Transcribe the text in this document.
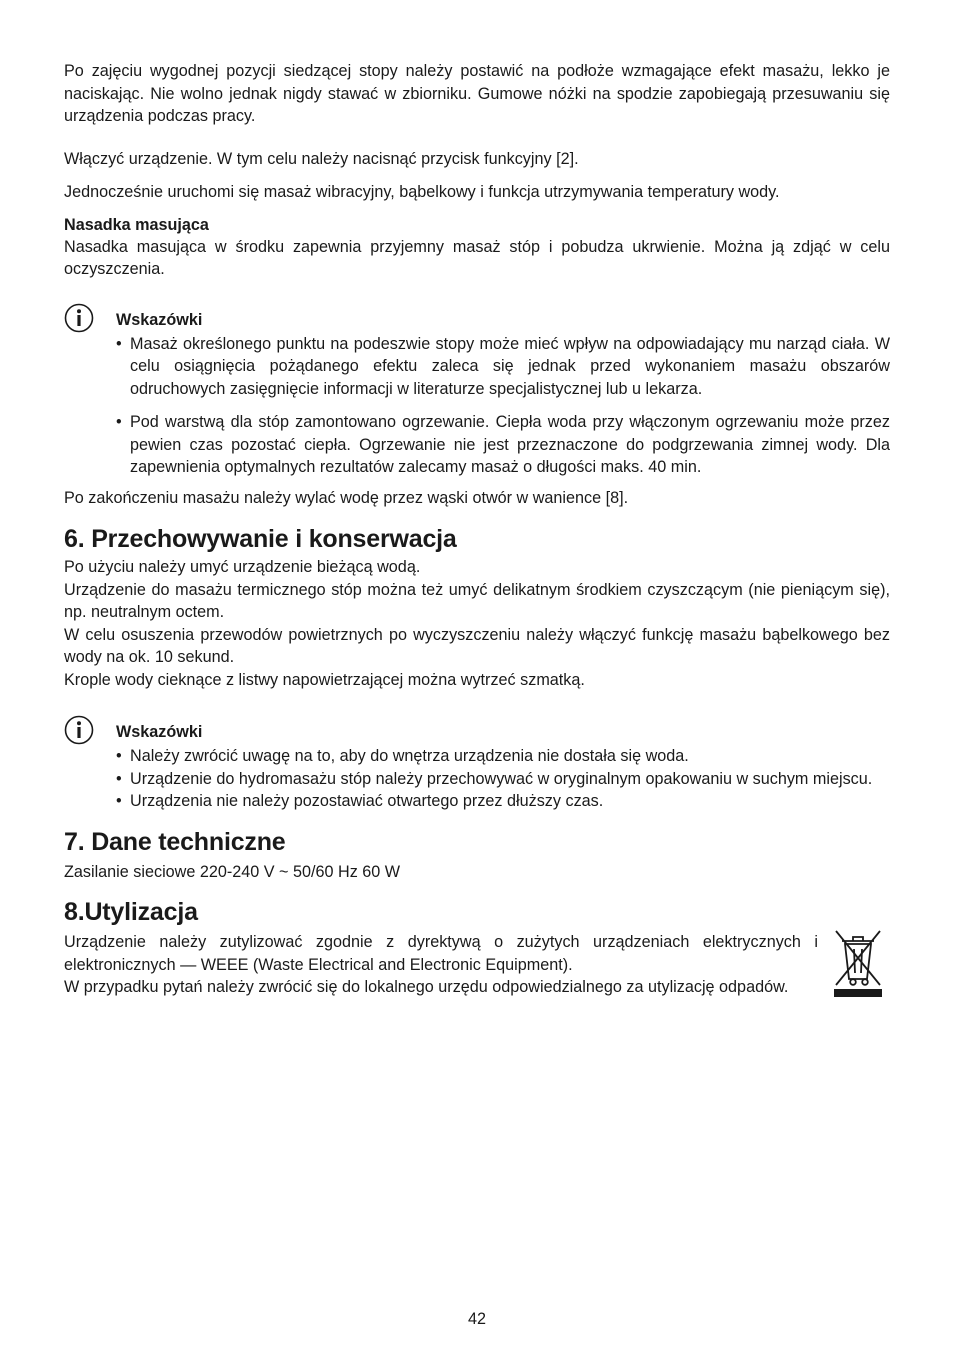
Po zajęciu wygodnej pozycji siedzącej stopy należy postawić na podłoże wzmagające efekt masażu, lekko je naciskając. Nie wolno jednak nigdy stawać w zbiorniku. Gumowe nóżki na spodzie zapobiegają przesuwaniu się urządzenia podczas pracy.

Włączyć urządzenie. W tym celu należy nacisnąć przycisk funkcyjny [2].

Jednocześnie uruchomi się masaż wibracyjny, bąbelkowy i funkcja utrzymywania temperatury wody.

Nasadka masująca

Nasadka masująca w środku zapewnia przyjemny masaż stóp i pobudza ukrwienie. Można ją zdjąć w celu oczyszczenia.

Wskazówki
• Masaż określonego punktu na podeszwie stopy może mieć wpływ na odpowiadający mu narząd ciała. W celu osiągnięcia pożądanego efektu zaleca się jednak przed wykonaniem masażu obszarów odruchowych zasięgnięcie informacji w literaturze specjalistycznej lub u lekarza.
• Pod warstwą dla stóp zamontowano ogrzewanie. Ciepła woda przy włączonym ogrzewaniu może przez pewien czas pozostać ciepła. Ogrzewanie nie jest przeznaczone do podgrzewania zimnej wody. Dla zapewnienia optymalnych rezultatów zalecamy masaż o długości maks. 40 min.

Po zakończeniu masażu należy wylać wodę przez wąski otwór w wanience [8].

6. Przechowywanie i konserwacja

Po użyciu należy umyć urządzenie bieżącą wodą.

Urządzenie do masażu termicznego stóp można też umyć delikatnym środkiem czyszczącym (nie pieniącym się), np. neutralnym octem.

W celu osuszenia przewodów powietrznych po wyczyszczeniu należy włączyć funkcję masażu bąbelkowego bez wody na ok. 10 sekund.

Krople wody cieknące z listwy napowietrzającej można wytrzeć szmatką.

Wskazówki
• Należy zwrócić uwagę na to, aby do wnętrza urządzenia nie dostała się woda.
• Urządzenie do hydromasażu stóp należy przechowywać w oryginalnym opakowaniu w suchym miejscu.
• Urządzenia nie należy pozostawiać otwartego przez dłuższy czas.
7. Dane techniczne

Zasilanie sieciowe 220-240 V ~ 50/60 Hz 60 W

8.Utylizacja

Urządzenie należy zutylizować zgodnie z dyrektywą o zużytych urządzeniach elektrycznych i elektronicznych — WEEE (Waste Electrical and Electronic Equipment).

W przypadku pytań należy zwrócić się do lokalnego urzędu odpowiedzialnego za utylizację odpadów.

42
